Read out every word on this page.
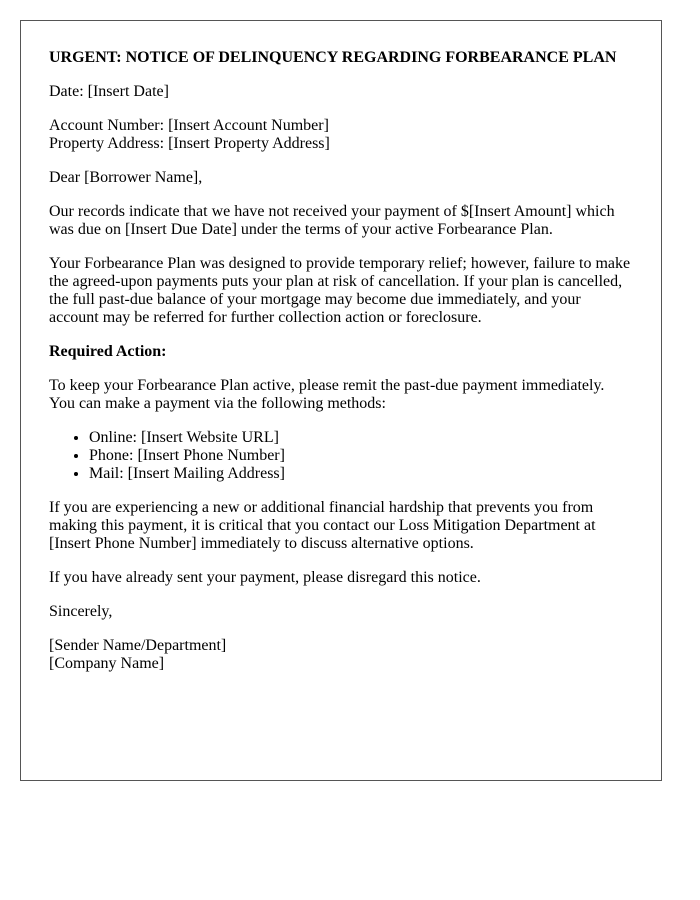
URGENT: NOTICE OF DELINQUENCY REGARDING FORBEARANCE PLAN

Date: [Insert Date]

Account Number: [Insert Account Number]
Property Address: [Insert Property Address]

Dear [Borrower Name],

Our records indicate that we have not received your payment of $[Insert Amount] which was due on [Insert Due Date] under the terms of your active Forbearance Plan.

Your Forbearance Plan was designed to provide temporary relief; however, failure to make the agreed-upon payments puts your plan at risk of cancellation. If your plan is cancelled, the full past-due balance of your mortgage may become due immediately, and your account may be referred for further collection action or foreclosure.

Required Action:

To keep your Forbearance Plan active, please remit the past-due payment immediately. You can make a payment via the following methods:

• Online: [Insert Website URL]
• Phone: [Insert Phone Number]
• Mail: [Insert Mailing Address]

If you are experiencing a new or additional financial hardship that prevents you from making this payment, it is critical that you contact our Loss Mitigation Department at [Insert Phone Number] immediately to discuss alternative options.

If you have already sent your payment, please disregard this notice.

Sincerely,

[Sender Name/Department]
[Company Name]
